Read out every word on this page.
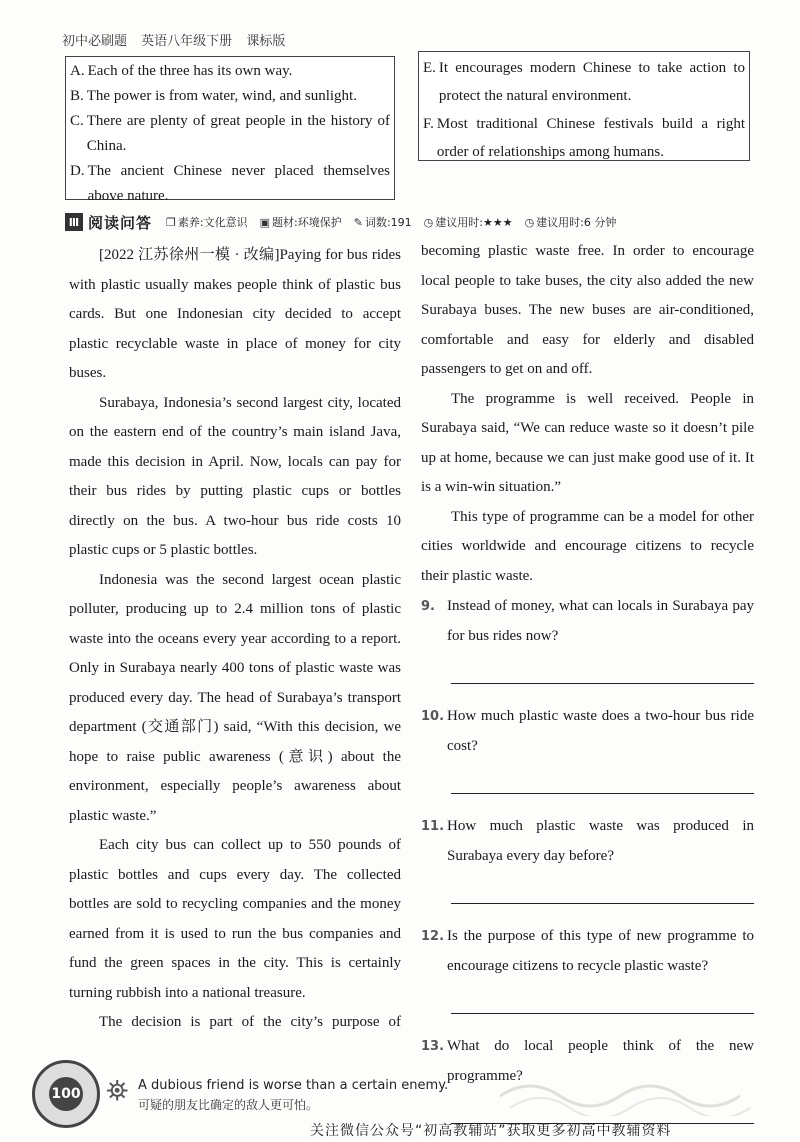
初中必刷题 英语八年级下册 课标版
A. Each of the three has its own way.
B. The power is from water, wind, and sunlight.
C. There are plenty of great people in the history of China.
D. The ancient Chinese never placed themselves above nature.
E. It encourages modern Chinese to take action to protect the natural environment.
F. Most traditional Chinese festivals build a right order of relationships among humans.
Ⅲ 阅读问答 ❐ 素养:文化意识 ▣ 题材:环境保护 ✎ 词数:191 ◷ 建议用时:★★★ ◷ 建议用时:6 分钟

[2022 江苏徐州一模 · 改编]Paying for bus rides with plastic usually makes people think of plastic bus cards. But one Indonesian city decided to accept plastic recyclable waste in place of money for city buses.

Surabaya, Indonesia’s second largest city, located on the eastern end of the country’s main island Java, made this decision in April. Now, locals can pay for their bus rides by putting plastic cups or bottles directly on the bus. A two-hour bus ride costs 10 plastic cups or 5 plastic bottles.

Indonesia was the second largest ocean plastic polluter, producing up to 2.4 million tons of plastic waste into the oceans every year according to a report. Only in Surabaya nearly 400 tons of plastic waste was produced every day. The head of Surabaya’s transport department (交通部门) said, “With this decision, we hope to raise public awareness (意识) about the environment, especially people’s awareness about plastic waste.”

Each city bus can collect up to 550 pounds of plastic bottles and cups every day. The collected bottles are sold to recycling companies and the money earned from it is used to run the bus companies and fund the green spaces in the city. This is certainly turning rubbish into a national treasure.

The decision is part of the city’s purpose of

becoming plastic waste free. In order to encourage local people to take buses, the city also added the new Surabaya buses. The new buses are air-conditioned, comfortable and easy for elderly and disabled passengers to get on and off.

The programme is well received. People in Surabaya said, “We can reduce waste so it doesn’t pile up at home, because we can just make good use of it. It is a win-win situation.”

This type of programme can be a model for other cities worldwide and encourage citizens to recycle their plastic waste.

9. Instead of money, what can locals in Surabaya pay for bus rides now?
10. How much plastic waste does a two-hour bus ride cost?
11. How much plastic waste was produced in Surabaya every day before?
12. Is the purpose of this type of new programme to encourage citizens to recycle plastic waste?
13. What do local people think of the new programme?
100 ⛯ A dubious friend is worse than a certain enemy.
可疑的朋友比确定的敌人更可怕。
关注微信公众号“初高教辅站”获取更多初高中教辅资料
